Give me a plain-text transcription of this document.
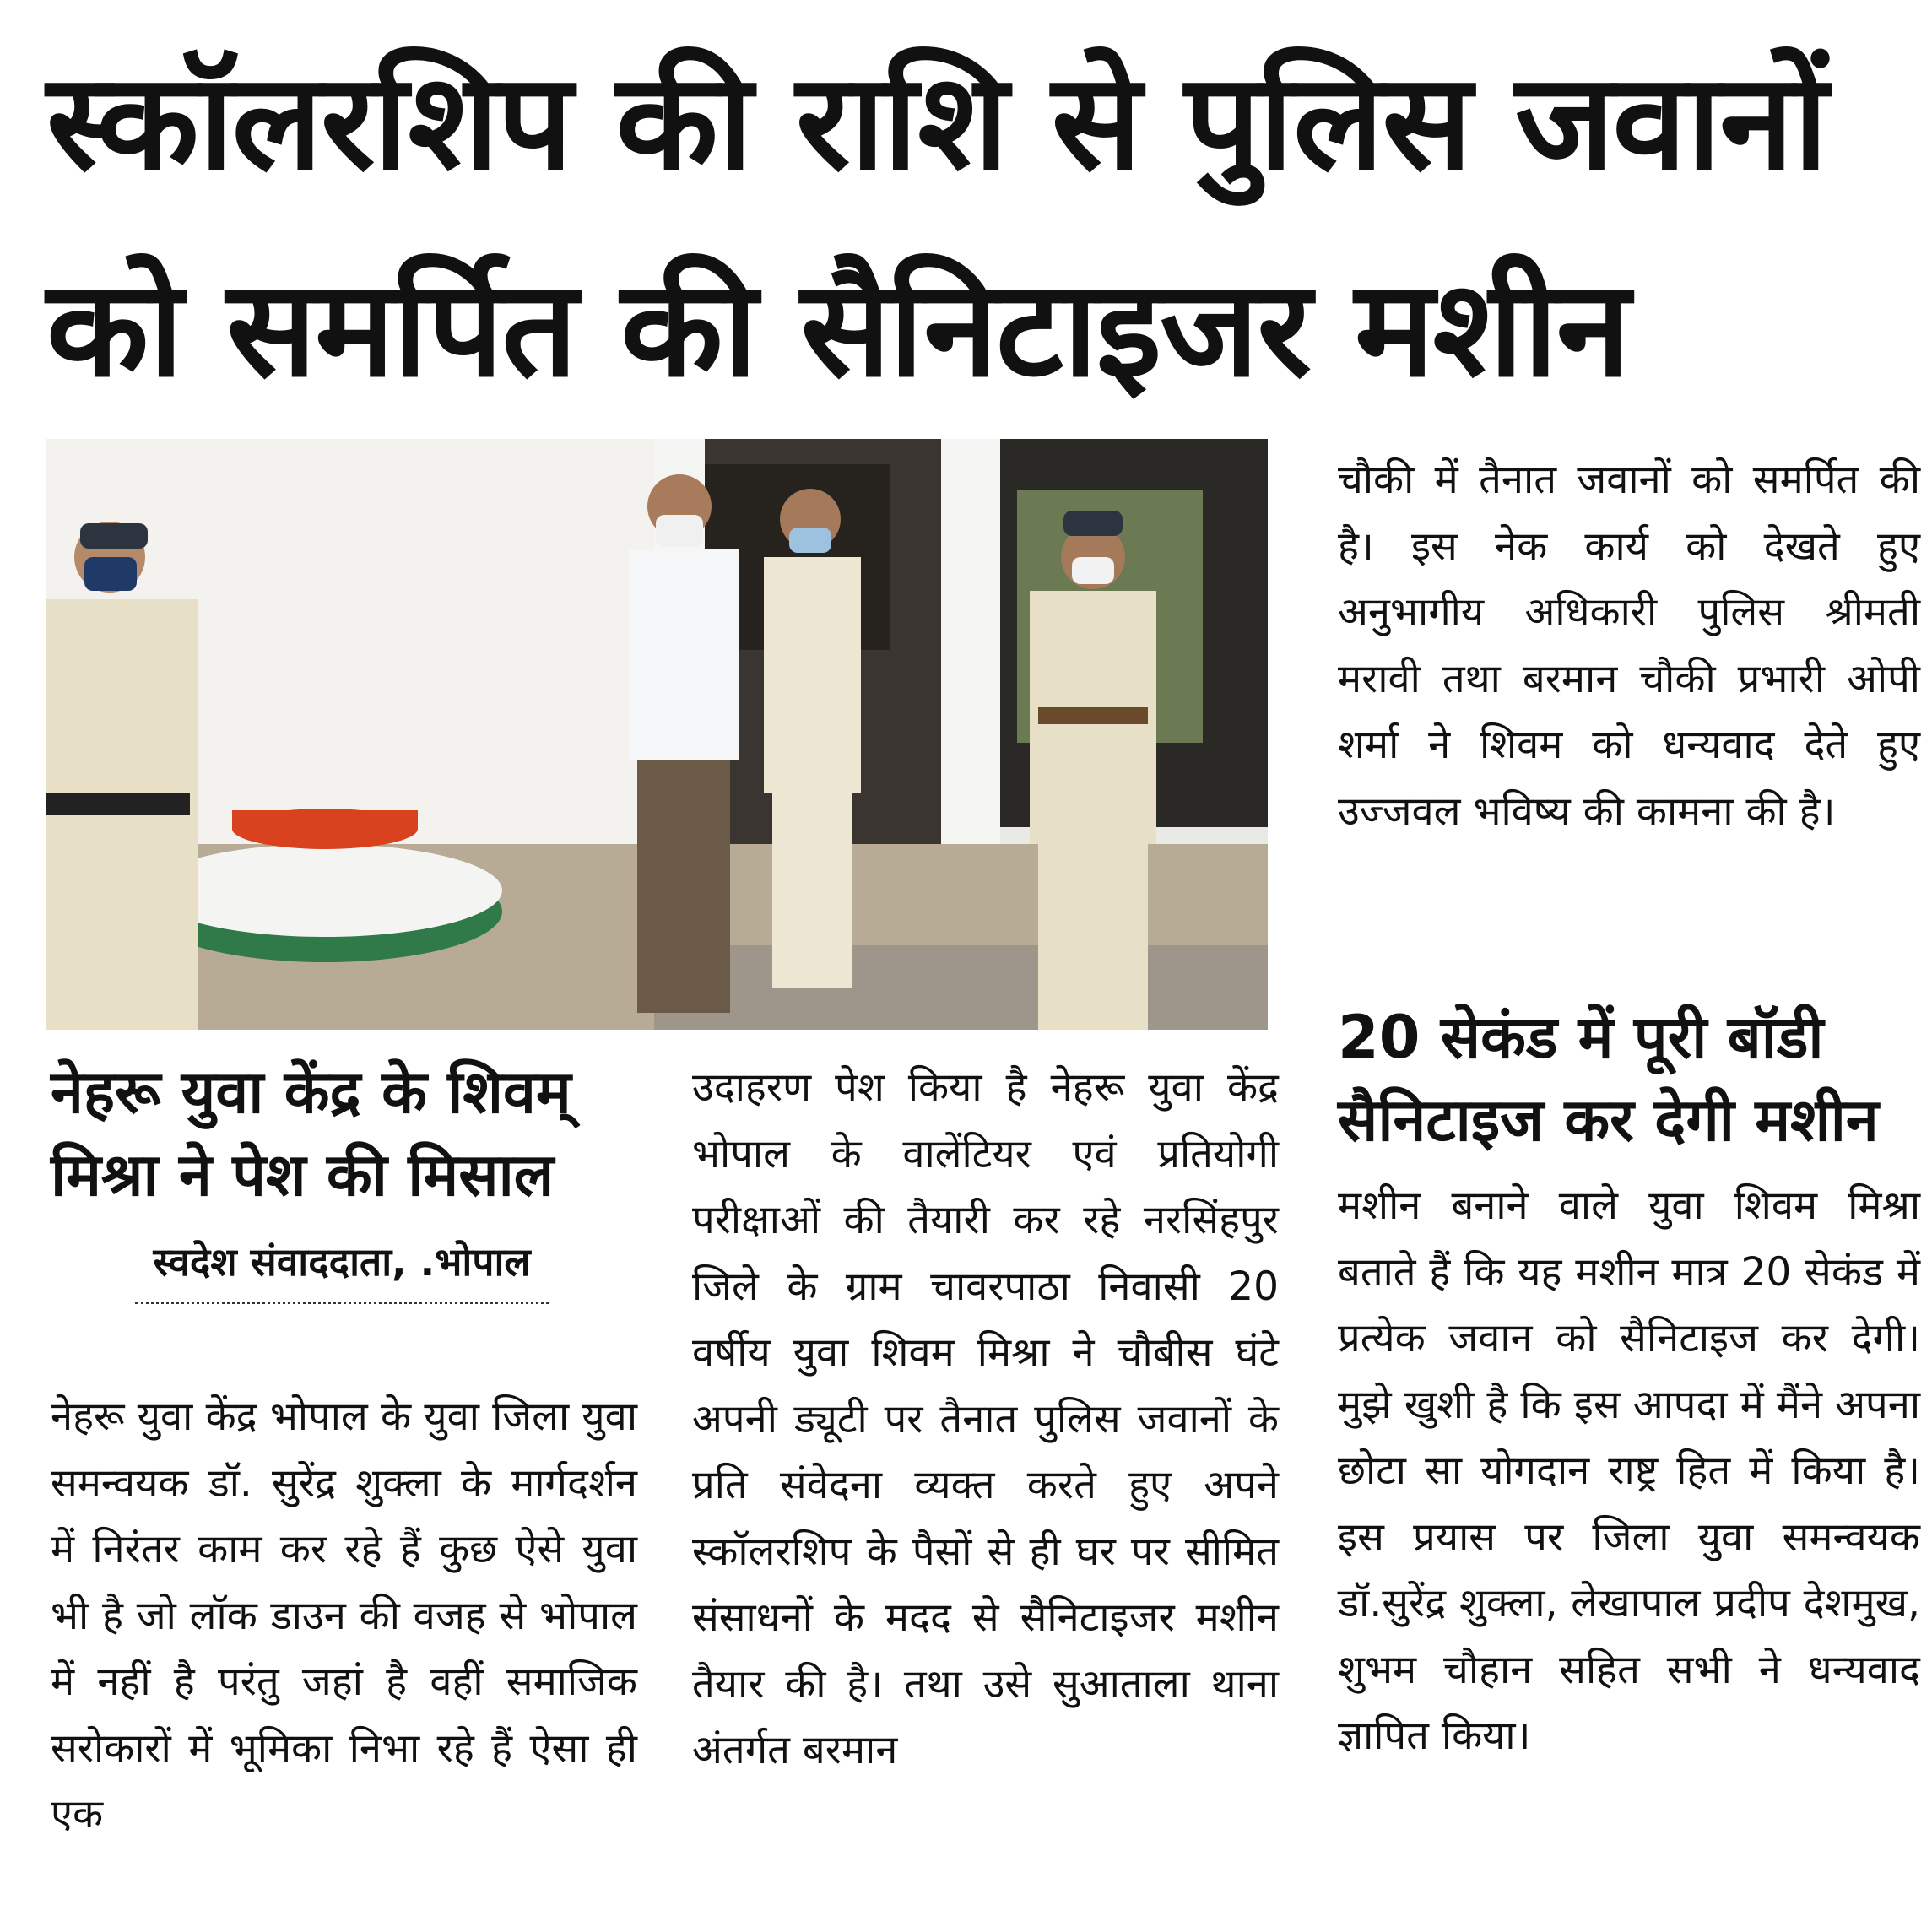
स्कॉलरशिप की राशि से पुलिस जवानों
को समर्पित की सैनिटाइजर मशीन
नेहरू युवा केंद्र के शिवम् मिश्रा ने पेश की मिसाल
स्वदेश संवाददाता, .भोपाल

नेहरू युवा केंद्र भोपाल के युवा जिला युवा समन्वयक डॉ. सुरेंद्र शुक्ला के मार्गदर्शन में निरंतर काम कर रहे हैं कुछ ऐसे युवा भी है जो लॉक डाउन की वजह से भोपाल में नहीं है परंतु जहां है वहीं समाजिक सरोकारों में भूमिका निभा रहे हैं ऐसा ही एक

उदाहरण पेश किया है नेहरू युवा केंद्र भोपाल के वालेंटियर एवं प्रतियोगी परीक्षाओं की तैयारी कर रहे नरसिंहपुर जिले के ग्राम चावरपाठा निवासी 20 वर्षीय युवा शिवम मिश्रा ने चौबीस घंटे अपनी ड्यूटी पर तैनात पुलिस जवानों के प्रति संवेदना व्यक्त करते हुए अपने स्कॉलरशिप के पैसों से ही घर पर सीमित संसाधनों के मदद से सैनिटाइजर मशीन तैयार की है। तथा उसे सुआताला थाना अंतर्गत बरमान

चौकी में तैनात जवानों को समर्पित की है। इस नेक कार्य को देखते हुए अनुभागीय अधिकारी पुलिस श्रीमती मरावी तथा बरमान चौकी प्रभारी ओपी शर्मा ने शिवम को धन्यवाद देते हुए उज्जवल भविष्य की कामना की है।

20 सेकंड में पूरी बॉडी सैनिटाइज कर देगी मशीन

मशीन बनाने वाले युवा शिवम मिश्रा बताते हैं कि यह मशीन मात्र 20 सेकंड में प्रत्येक जवान को सैनिटाइज कर देगी। मुझे खुशी है कि इस आपदा में मैंने अपना छोटा सा योगदान राष्ट्र हित में किया है। इस प्रयास पर जिला युवा समन्वयक डॉ.सुरेंद्र शुक्ला, लेखापाल प्रदीप देशमुख, शुभम चौहान सहित सभी ने धन्यवाद ज्ञापित किया।
